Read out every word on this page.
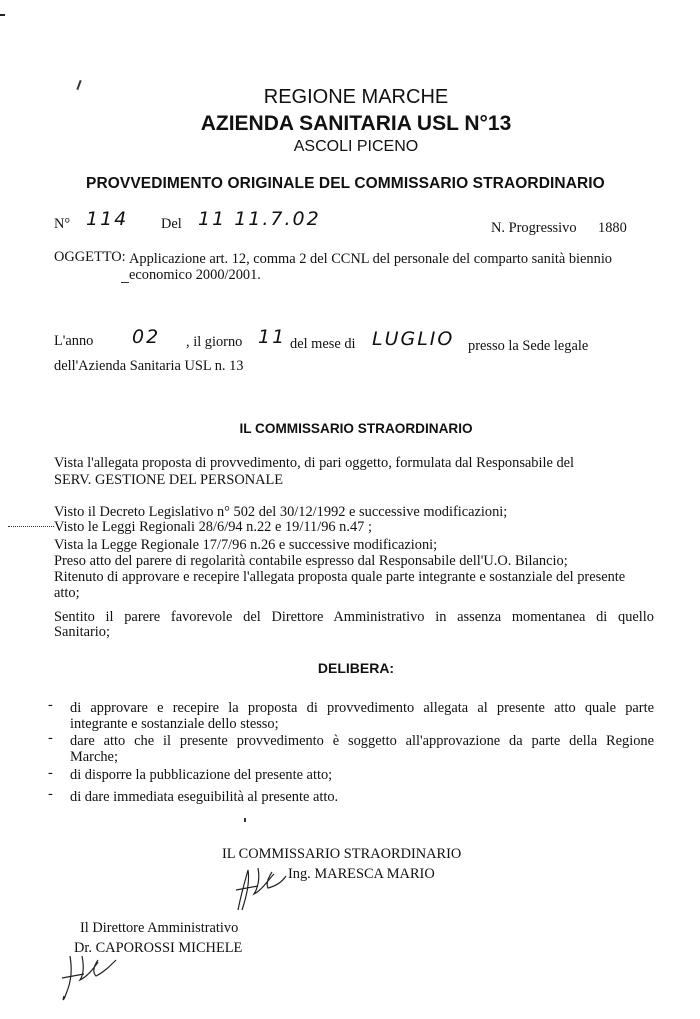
REGIONE MARCHE
AZIENDA SANITARIA USL N°13
ASCOLI PICENO
PROVVEDIMENTO ORIGINALE DEL COMMISSARIO STRAORDINARIO
N° 114 Del 11 11.7.02	N. Progressivo 1880
OGGETTO: Applicazione art. 12, comma 2 del CCNL del personale del comparto sanità biennio
economico 2000/2001.
L'anno 02 , il giorno 11 del mese di LUGLIO presso la Sede legale
dell'Azienda Sanitaria USL n. 13
IL COMMISSARIO STRAORDINARIO
Vista l'allegata proposta di provvedimento, di pari oggetto, formulata dal Responsabile del
SERV. GESTIONE DEL PERSONALE
Visto il Decreto Legislativo n° 502 del 30/12/1992 e successive modificazioni;
Visto le Leggi Regionali 28/6/94 n.22 e 19/11/96 n.47 ;
Vista la Legge Regionale 17/7/96 n.26 e successive modificazioni;
Preso atto del parere di regolarità contabile espresso dal Responsabile dell'U.O. Bilancio;
Ritenuto di approvare e recepire l'allegata proposta quale parte integrante e sostanziale del presente
atto;
Sentito il parere favorevole del Direttore Amministrativo in assenza momentanea di quello
Sanitario;
DELIBERA:
- di approvare e recepire la proposta di provvedimento allegata al presente atto quale parte
integrante e sostanziale dello stesso;
- dare atto che il presente provvedimento è soggetto all'approvazione da parte della Regione
Marche;
- di disporre la pubblicazione del presente atto;
- di dare immediata eseguibilità al presente atto.
IL COMMISSARIO STRAORDINARIO
Ing. MARESCA MARIO
Il Direttore Amministrativo
Dr. CAPOROSSI MICHELE
